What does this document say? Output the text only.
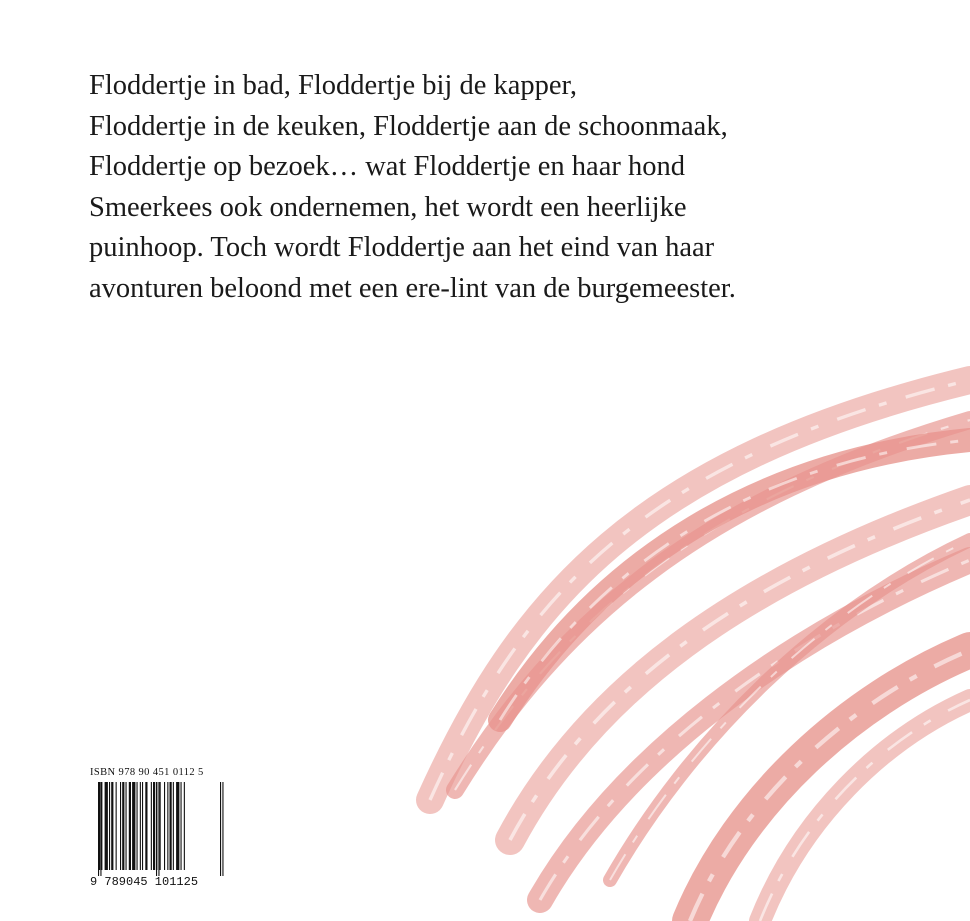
Floddertje in bad, Floddertje bij de kapper,
Floddertje in de keuken, Floddertje aan de schoonmaak,
Floddertje op bezoek… wat Floddertje en haar hond
Smeerkees ook ondernemen, het wordt een heerlijke
puinhoop. Toch wordt Floddertje aan het eind van haar
avonturen beloond met een ere-lint van de burgemeester.

ISBN 978 90 451 0112 5
9 789045 101125
